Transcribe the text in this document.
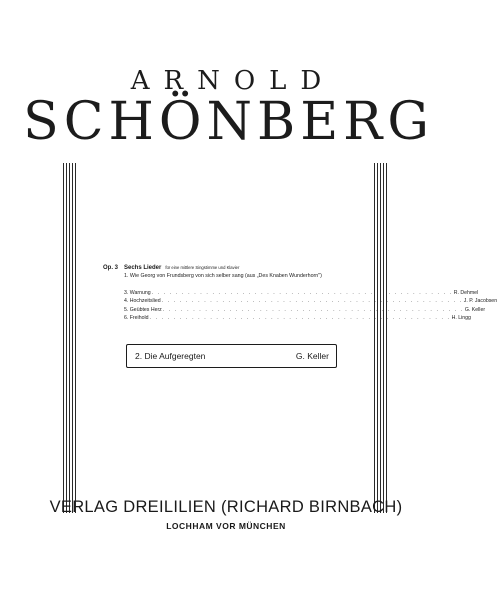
ARNOLD
SCHÖNBERG
Op. 3 Sechs Lieder für eine mittlere Singstimme und Klavier
1. Wie Georg von Frundsberg von sich selber sang (aus „Des Knaben Wunderhorn")
3. Warnung . . . . . . . . . . . . . . . . . . . . . . . . . . . . . . . . . . . . . . . . . . . . . . . . . . R. Dehmel
4. Hochzeitslied . . . . . . . . . . . . . . . . . . . . . . . . . . . . . . . . . . . . . . . . . . . . . . . . . . J. P. Jacobsen
5. Geübtes Herz . . . . . . . . . . . . . . . . . . . . . . . . . . . . . . . . . . . . . . . . . . . . . . . . . . G. Keller
6. Freihold . . . . . . . . . . . . . . . . . . . . . . . . . . . . . . . . . . . . . . . . . . . . . . . . . . H. Lingg
2. Die Aufgeregten	G. Keller
VERLAG DREILILIEN (RICHARD BIRNBACH)
LOCHHAM VOR MÜNCHEN
